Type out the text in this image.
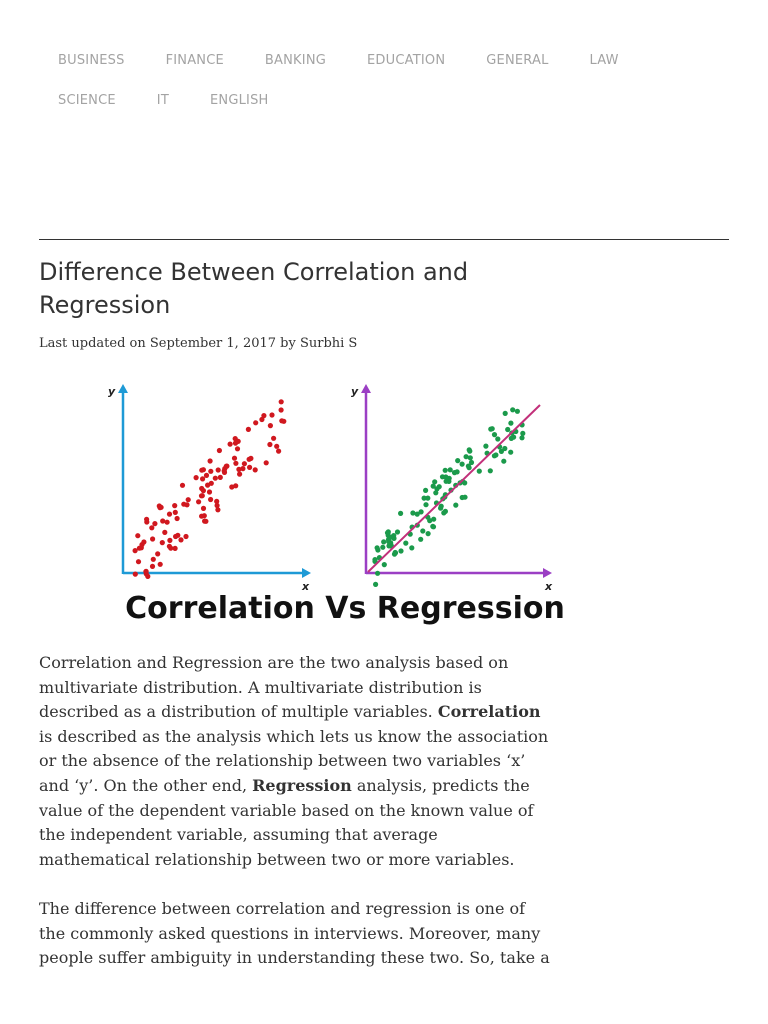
BUSINESS	FINANCE	BANKING	EDUCATION	GENERAL	LAW
SCIENCE	IT	ENGLISH
Difference Between Correlation and Regression
Last updated on September 1, 2017 by Surbhi S
y
x
y
x
Correlation Vs Regression

Correlation and Regression are the two analysis based on multivariate distribution. A multivariate distribution is described as a distribution of multiple variables. Correlation is described as the analysis which lets us know the association or the absence of the relationship between two variables ‘x’ and ‘y’. On the other end, Regression analysis, predicts the value of the dependent variable based on the known value of the independent variable, assuming that average mathematical relationship between two or more variables.

The difference between correlation and regression is one of the commonly asked questions in interviews. Moreover, many people suffer ambiguity in understanding these two. So, take a
